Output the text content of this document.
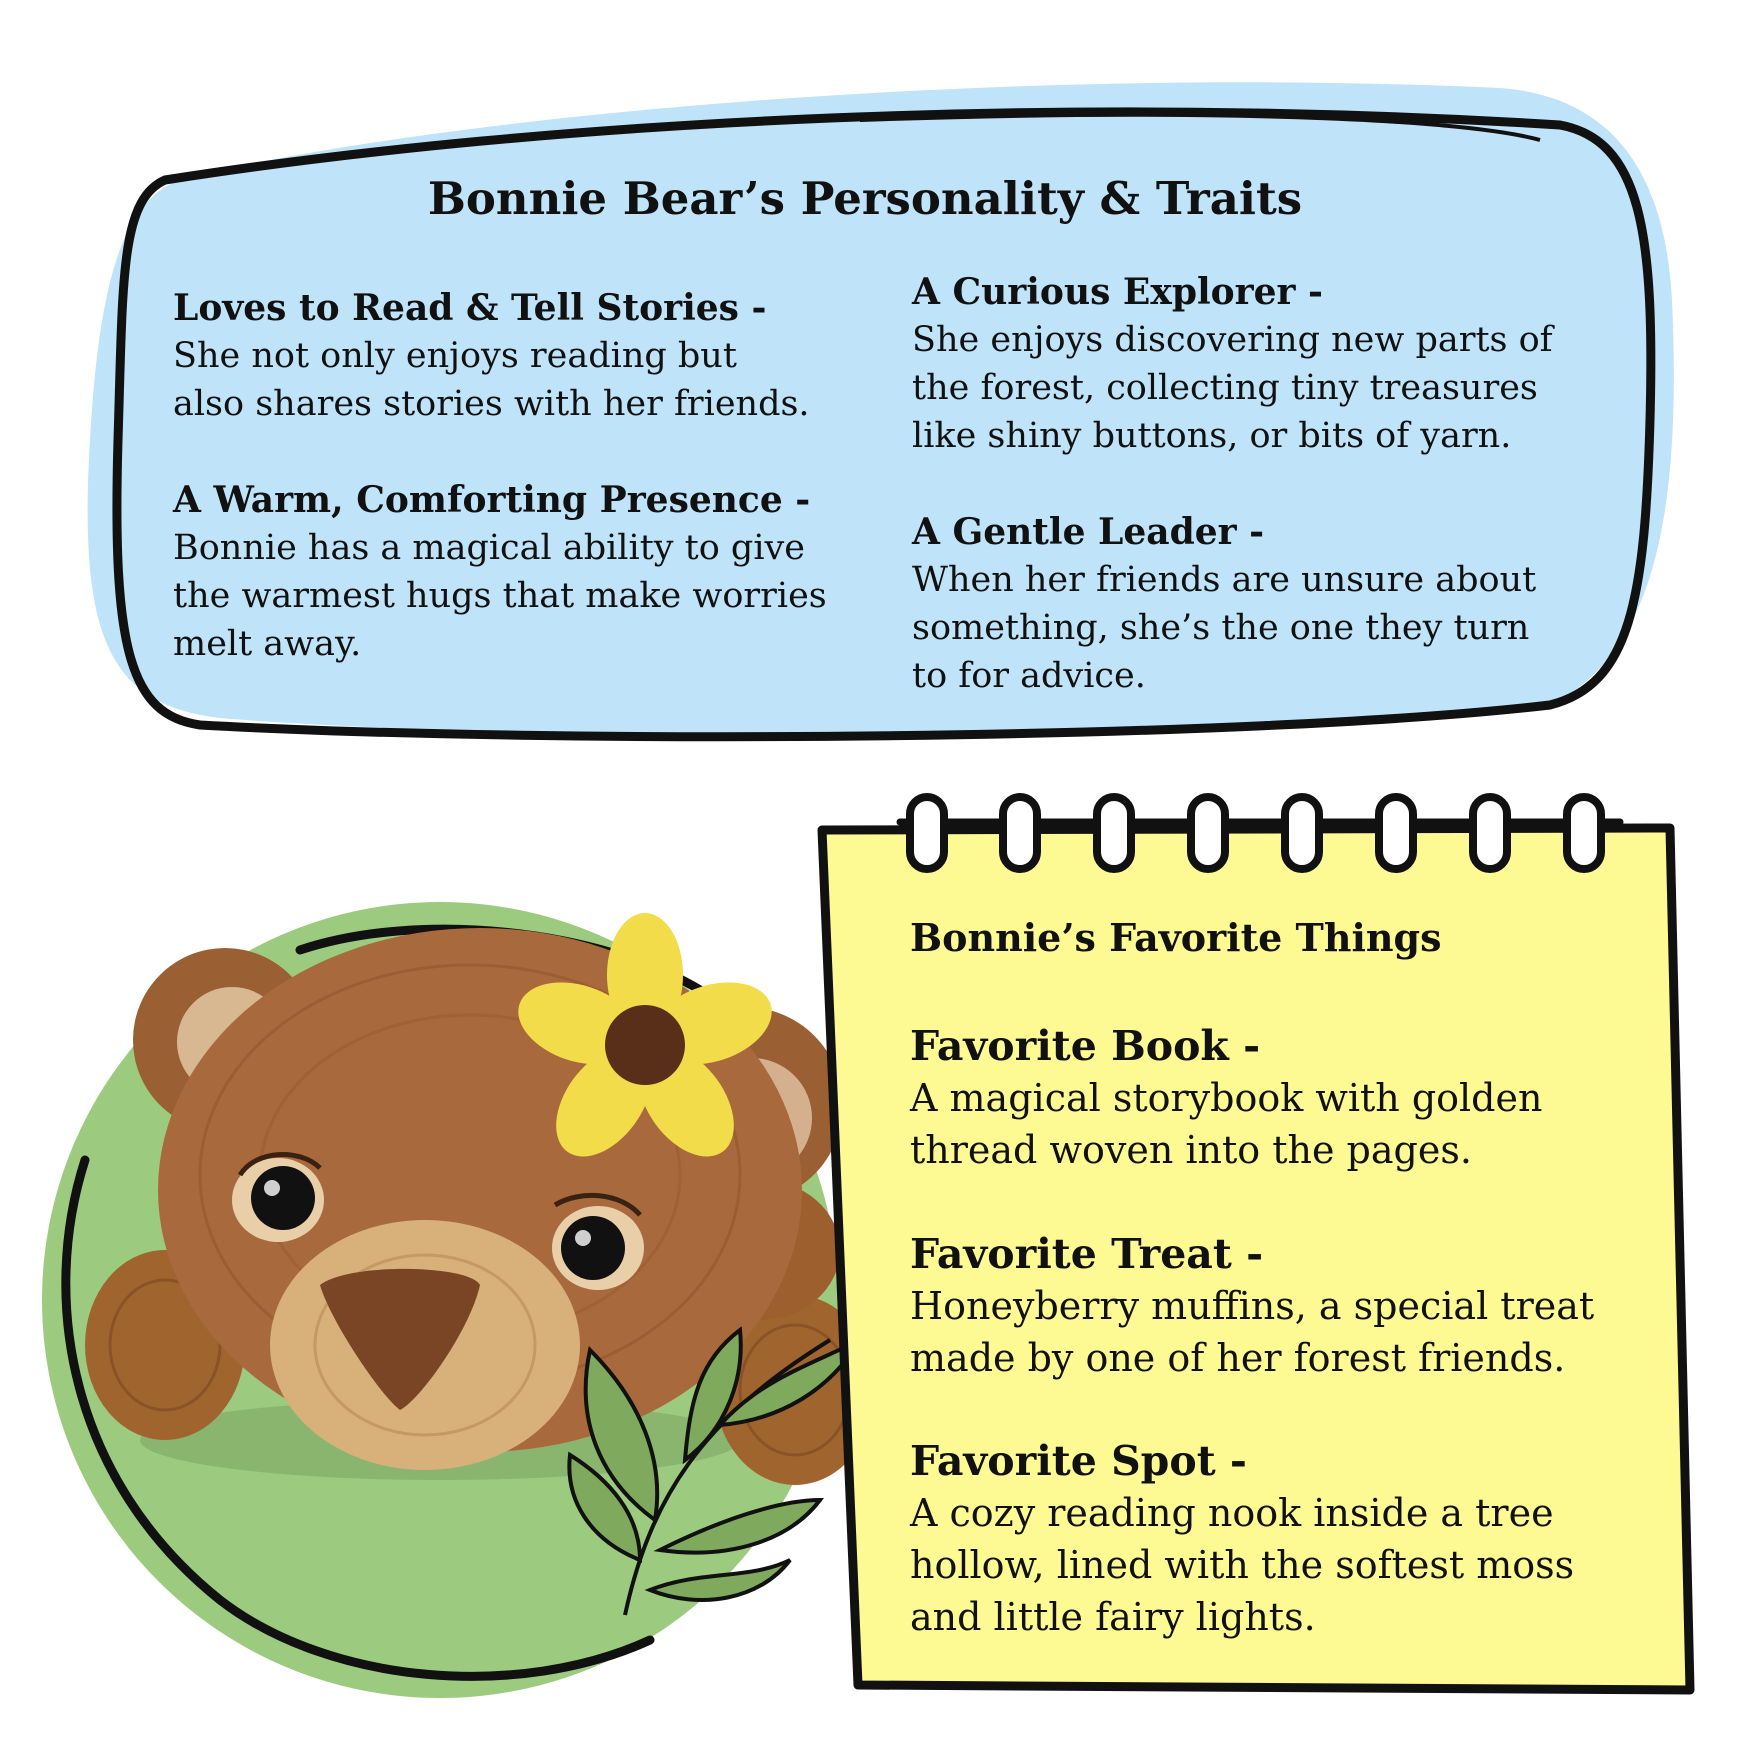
Bonnie Bear’s Personality & Traits
Loves to Read & Tell Stories -

She not only enjoys reading but

also shares stories with her friends.

A Warm, Comforting Presence -

Bonnie has a magical ability to give

the warmest hugs that make worries

melt away.

A Curious Explorer -

She enjoys discovering new parts of

the forest, collecting tiny treasures

like shiny buttons, or bits of yarn.

A Gentle Leader -

When her friends are unsure about

something, she’s the one they turn

to for advice.

Bonnie’s Favorite Things
Favorite Book -

A magical storybook with golden

thread woven into the pages.

Favorite Treat -

Honeyberry muffins, a special treat

made by one of her forest friends.

Favorite Spot -

A cozy reading nook inside a tree

hollow, lined with the softest moss

and little fairy lights.
